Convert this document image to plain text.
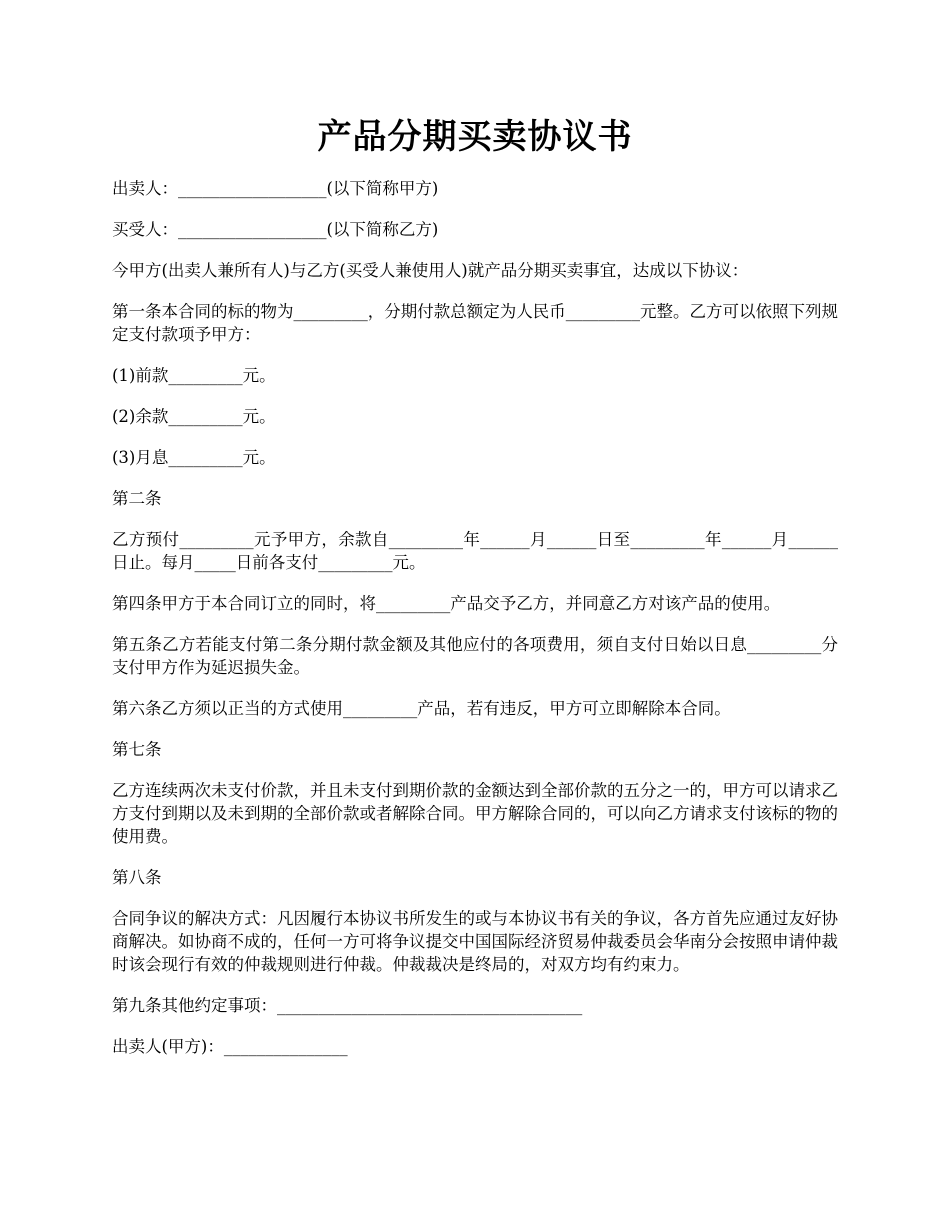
产品分期买卖协议书

出卖人：__________________(以下简称甲方)

买受人：__________________(以下简称乙方)

今甲方(出卖人兼所有人)与乙方(买受人兼使用人)就产品分期买卖事宜，达成以下协议：

第一条本合同的标的物为_________，分期付款总额定为人民币_________元整。乙方可以依照下列规定支付款项予甲方：

(1)前款_________元。

(2)余款_________元。

(3)月息_________元。

第二条

乙方预付_________元予甲方，余款自_________年______月______日至_________年______月______日止。每月_____日前各支付_________元。

第四条甲方于本合同订立的同时，将_________产品交予乙方，并同意乙方对该产品的使用。

第五条乙方若能支付第二条分期付款金额及其他应付的各项费用，须自支付日始以日息_________分支付甲方作为延迟损失金。

第六条乙方须以正当的方式使用_________产品，若有违反，甲方可立即解除本合同。

第七条

乙方连续两次未支付价款，并且未支付到期价款的金额达到全部价款的五分之一的，甲方可以请求乙方支付到期以及未到期的全部价款或者解除合同。甲方解除合同的，可以向乙方请求支付该标的物的使用费。

第八条

合同争议的解决方式：凡因履行本协议书所发生的或与本协议书有关的争议，各方首先应通过友好协商解决。如协商不成的，任何一方可将争议提交中国国际经济贸易仲裁委员会华南分会按照申请仲裁时该会现行有效的仲裁规则进行仲裁。仲裁裁决是终局的，对双方均有约束力。

第九条其他约定事项：_____________________________________

出卖人(甲方)：_______________
